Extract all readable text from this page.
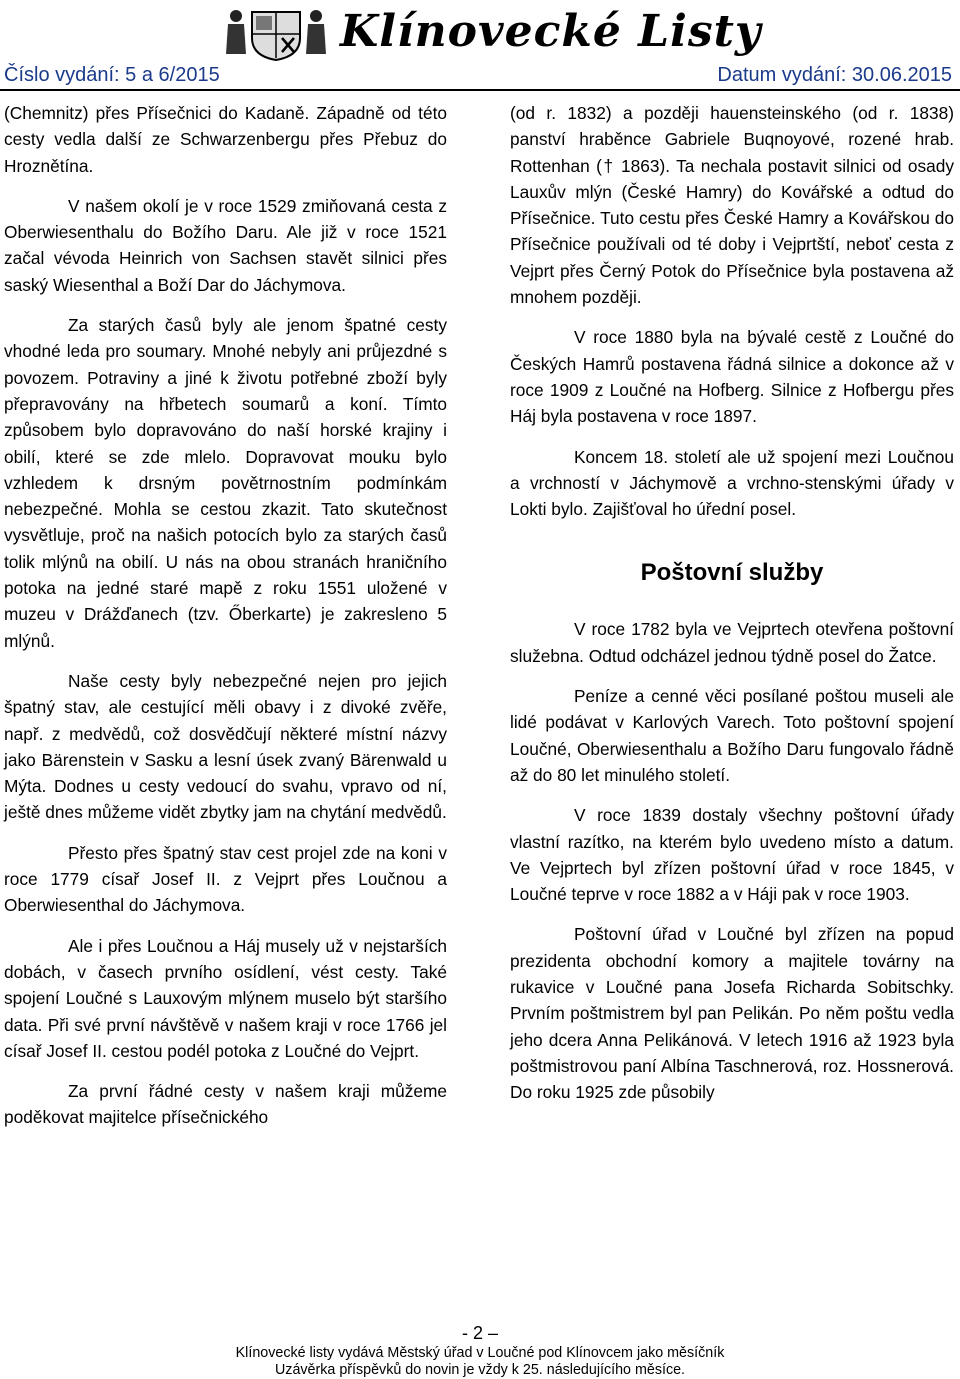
Klínovecké Listy
Číslo vydání: 5 a 6/2015	Datum vydání: 30.06.2015

(Chemnitz) přes Přísečnici do Kadaně. Západně od této cesty vedla další ze Schwarzenbergu přes Přebuz do Hroznětína.

V našem okolí je v roce 1529 zmiňovaná cesta z Oberwiesenthalu do Božího Daru. Ale již v roce 1521 začal vévoda Heinrich von Sachsen stavět silnici přes saský Wiesenthal a Boží Dar do Jáchymova.

Za starých časů byly ale jenom špatné cesty vhodné leda pro soumary. Mnohé nebyly ani průjezdné s povozem. Potraviny a jiné k životu potřebné zboží byly přepravovány na hřbetech soumarů a koní. Tímto způsobem bylo dopravováno do naší horské krajiny i obilí, které se zde mlelo. Dopravovat mouku bylo vzhledem k drsným povětrnostním podmínkám nebezpečné. Mohla se cestou zkazit. Tato skutečnost vysvětluje, proč na našich potocích bylo za starých časů tolik mlýnů na obilí. U nás na obou stranách hraničního potoka na jedné staré mapě z roku 1551 uložené v muzeu v Drážďanech (tzv. Őberkarte) je zakresleno 5 mlýnů.

Naše cesty byly nebezpečné nejen pro jejich špatný stav, ale cestující měli obavy i z divoké zvěře, např. z medvědů, což dosvědčují některé místní názvy jako Bärenstein v Sasku a lesní úsek zvaný Bärenwald u Mýta. Dodnes u cesty vedoucí do svahu, vpravo od ní, ještě dnes můžeme vidět zbytky jam na chytání medvědů.

Přesto přes špatný stav cest projel zde na koni v roce 1779 císař Josef II. z Vejprt přes Loučnou a Oberwiesenthal do Jáchymova.

Ale i přes Loučnou a Háj musely už v nejstarších dobách, v časech prvního osídlení, vést cesty. Také spojení Loučné s Lauxovým mlýnem muselo být staršího data. Při své první návštěvě v našem kraji v roce 1766 jel císař Josef II. cestou podél potoka z Loučné do Vejprt.

Za první řádné cesty v našem kraji můžeme poděkovat majitelce přísečnického

(od r. 1832) a později hauensteinského (od r. 1838) panství hraběnce Gabriele Buqnoyové, rozené hrab. Rottenhan († 1863). Ta nechala postavit silnici od osady Lauxův mlýn (České Hamry) do Kovářské a odtud do Přísečnice. Tuto cestu přes České Hamry a Kovářskou do Přísečnice používali od té doby i Vejprtští, neboť cesta z Vejprt přes Černý Potok do Přísečnice byla postavena až mnohem později.

V roce 1880 byla na bývalé cestě z Loučné do Českých Hamrů postavena řádná silnice a dokonce až v roce 1909 z Loučné na Hofberg. Silnice z Hofbergu přes Háj byla postavena v roce 1897.

Koncem 18. století ale už spojení mezi Loučnou a vrchností v Jáchymově a vrchno-stenskými úřady v Lokti bylo. Zajišťoval ho úřední posel.

Poštovní služby

V roce 1782 byla ve Vejprtech otevřena poštovní služebna. Odtud odcházel jednou týdně posel do Žatce.

Peníze a cenné věci posílané poštou museli ale lidé podávat v Karlových Varech. Toto poštovní spojení Loučné, Oberwiesenthalu a Božího Daru fungovalo řádně až do 80 let minulého století.

V roce 1839 dostaly všechny poštovní úřady vlastní razítko, na kterém bylo uvedeno místo a datum. Ve Vejprtech byl zřízen poštovní úřad v roce 1845, v Loučné teprve v roce 1882 a v Háji pak v roce 1903.

Poštovní úřad v Loučné byl zřízen na popud prezidenta obchodní komory a majitele továrny na rukavice v Loučné pana Josefa Richarda Sobitschky. Prvním poštmistrem byl pan Pelikán. Po něm poštu vedla jeho dcera Anna Pelikánová. V letech 1916 až 1923 byla poštmistrovou paní Albína Taschnerová, roz. Hossnerová. Do roku 1925 zde působily

- 2 –
Klínovecké listy vydává Městský úřad v Loučné pod Klínovcem jako měsíčník
Uzávěrka příspěvků do novin je vždy k 25. následujícího měsíce.
